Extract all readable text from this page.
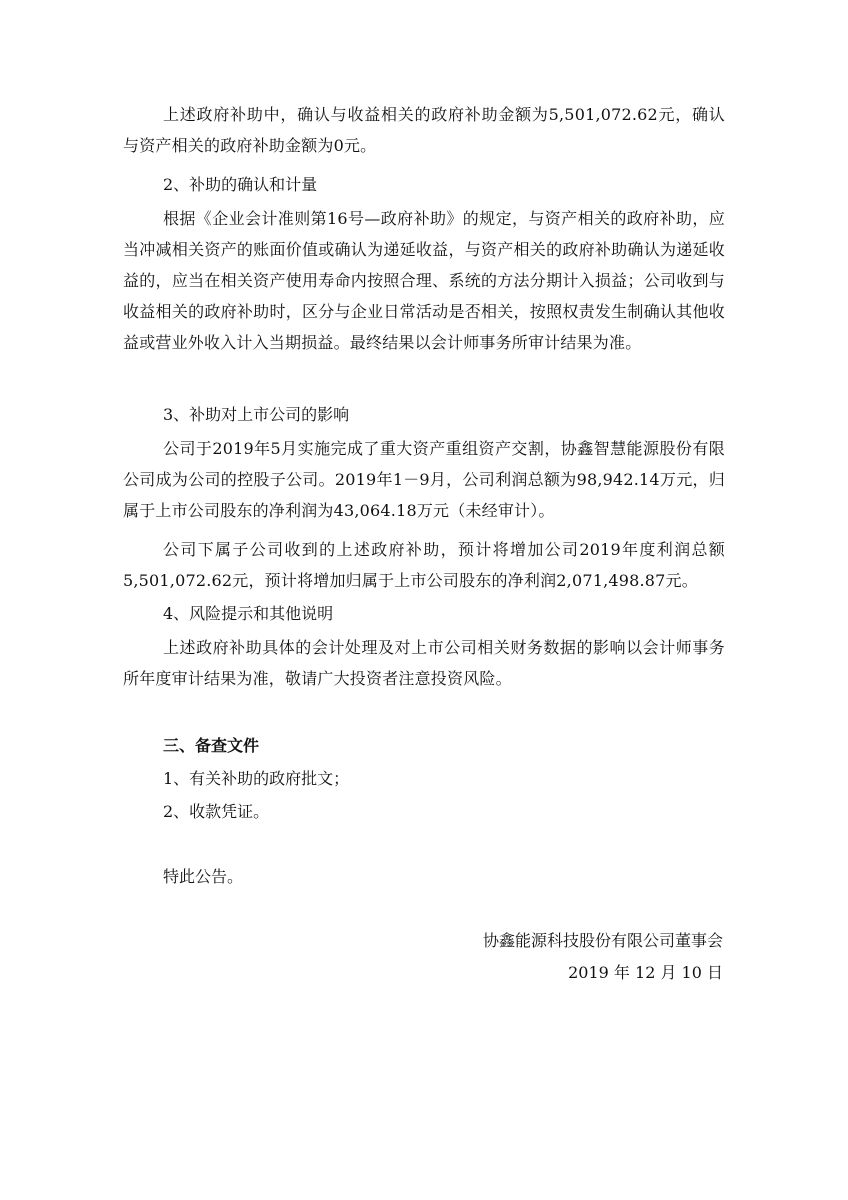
上述政府补助中，确认与收益相关的政府补助金额为5,501,072.62元，确认与资产相关的政府补助金额为0元。

2、补助的确认和计量

根据《企业会计准则第16号—政府补助》的规定，与资产相关的政府补助，应当冲减相关资产的账面价值或确认为递延收益，与资产相关的政府补助确认为递延收益的，应当在相关资产使用寿命内按照合理、系统的方法分期计入损益；公司收到与收益相关的政府补助时，区分与企业日常活动是否相关，按照权责发生制确认其他收益或营业外收入计入当期损益。最终结果以会计师事务所审计结果为准。

3、补助对上市公司的影响

公司于2019年5月实施完成了重大资产重组资产交割，协鑫智慧能源股份有限公司成为公司的控股子公司。2019年1－9月，公司利润总额为98,942.14万元，归属于上市公司股东的净利润为43,064.18万元（未经审计）。

公司下属子公司收到的上述政府补助，预计将增加公司2019年度利润总额5,501,072.62元，预计将增加归属于上市公司股东的净利润2,071,498.87元。

4、风险提示和其他说明

上述政府补助具体的会计处理及对上市公司相关财务数据的影响以会计师事务所年度审计结果为准，敬请广大投资者注意投资风险。

三、备查文件

1、有关补助的政府批文；

2、收款凭证。

特此公告。

协鑫能源科技股份有限公司董事会

2019 年 12 月 10 日
